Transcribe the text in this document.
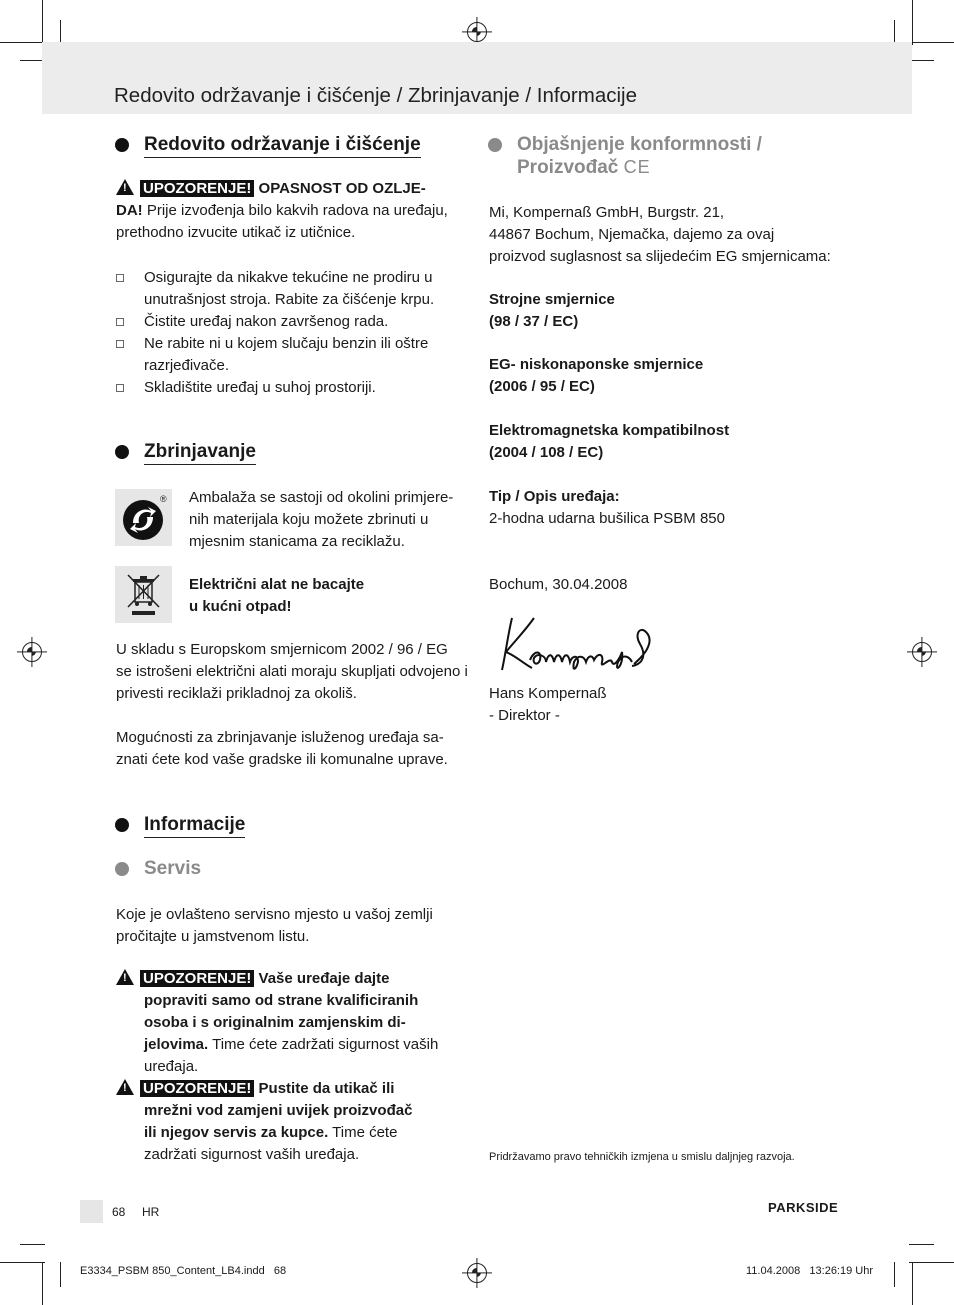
Redovito održavanje i čišćenje / Zbrinjavanje / Informacije
Redovito održavanje i čišćenje
! UPOZORENJE! OPASNOST OD OZLJE-
DA! Prije izvođenja bilo kakvih radova na uređaju,
prethodno izvucite utikač iz utičnice.
Osigurajte da nikakve tekućine ne prodiru u
unutrašnjost stroja. Rabite za čišćenje krpu.
Čistite uređaj nakon završenog rada.
Ne rabite ni u kojem slučaju benzin ili oštre
razrjeđivače.
Skladištite uređaj u suhoj prostoriji.
Zbrinjavanje
® Ambalaža se sastoji od okolini primjere-
nih materijala koju možete zbrinuti u
mjesnim stanicama za reciklažu.
Električni alat ne bacajte
u kućni otpad!
U skladu s Europskom smjernicom 2002 / 96 / EG
se istrošeni električni alati moraju skupljati odvojeno i
privesti reciklaži prikladnoj za okoliš.
Mogućnosti za zbrinjavanje isluženog uređaja sa-
znati ćete kod vaše gradske ili komunalne uprave.
Informacije
Servis
Koje je ovlašteno servisno mjesto u vašoj zemlji
pročitajte u jamstvenom listu.
! UPOZORENJE! Vaše uređaje dajte
popraviti samo od strane kvalificiranih
osoba i s originalnim zamjenskim di-
jelovima. Time ćete zadržati sigurnost vaših
uređaja.
! UPOZORENJE! Pustite da utikač ili
mrežni vod zamjeni uvijek proizvođač
ili njegov servis za kupce. Time ćete
zadržati sigurnost vaših uređaja.
Objašnjenje konformnosti /
Proizvođač CE
Mi, Kompernaß GmbH, Burgstr. 21,
44867 Bochum, Njemačka, dajemo za ovaj
proizvod suglasnost sa slijedećim EG smjernicama:
Strojne smjernice
(98 / 37 / EC)
EG- niskonaponske smjernice
(2006 / 95 / EC)
Elektromagnetska kompatibilnost
(2004 / 108 / EC)
Tip / Opis uređaja:
2-hodna udarna bušilica PSBM 850
Bochum, 30.04.2008
Hans Kompernaß
- Direktor -
Pridržavamo pravo tehničkih izmjena u smislu daljnjeg razvoja.
68 HR	PARKSIDE
E3334_PSBM 850_Content_LB4.indd   68	11.04.2008   13:26:19 Uhr
